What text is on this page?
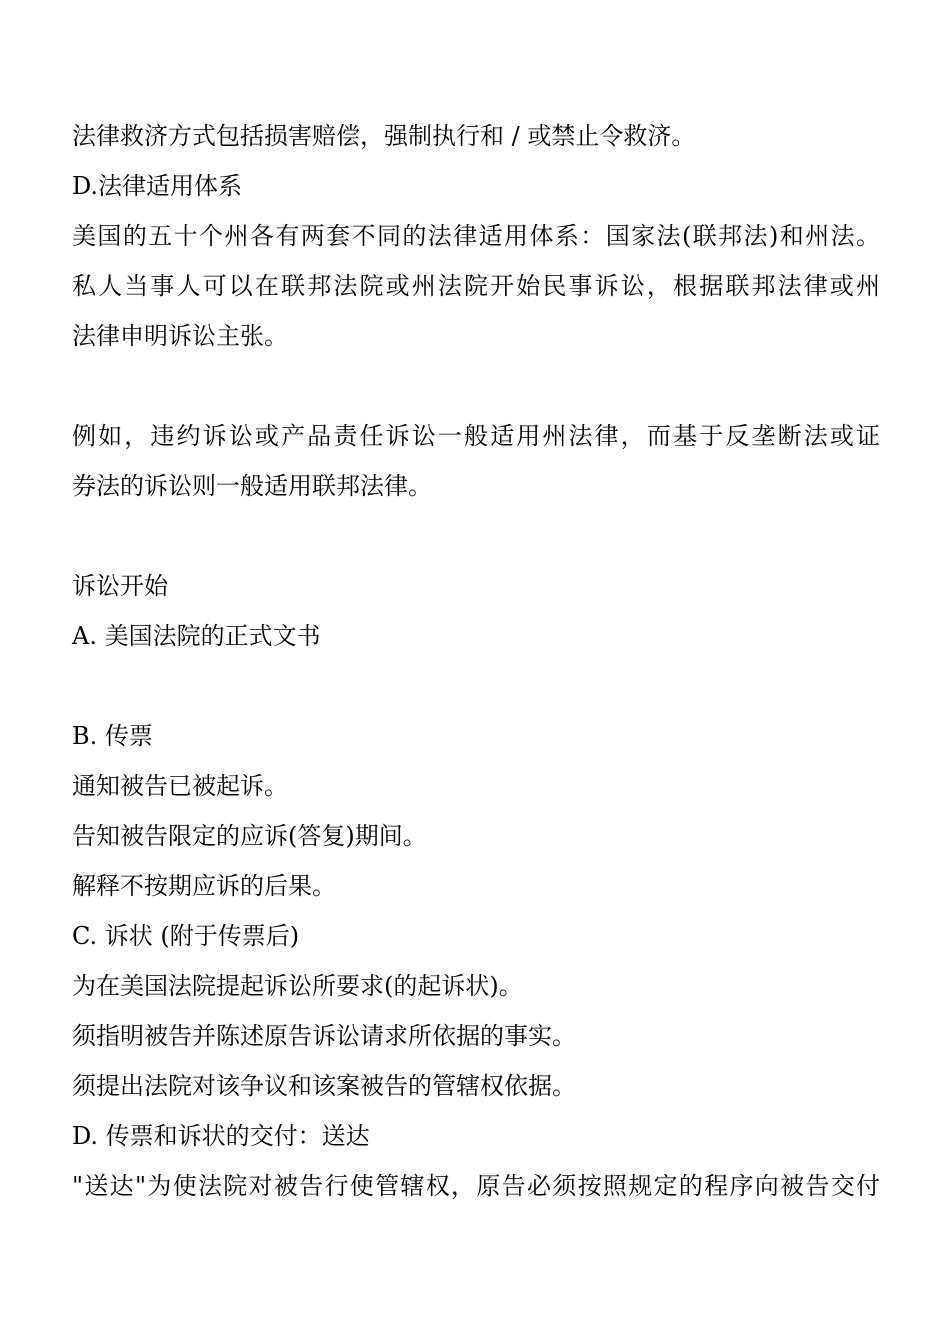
法律救济方式包括损害赔偿，强制执行和 / 或禁止令救济。
D.法律适用体系
美国的五十个州各有两套不同的法律适用体系：国家法(联邦法)和州法。
私人当事人可以在联邦法院或州法院开始民事诉讼，根据联邦法律或州
法律申明诉讼主张。
例如，违约诉讼或产品责任诉讼一般适用州法律，而基于反垄断法或证
券法的诉讼则一般适用联邦法律。
诉讼开始
A. 美国法院的正式文书
B. 传票
通知被告已被起诉。
告知被告限定的应诉(答复)期间。
解释不按期应诉的后果。
C. 诉状 (附于传票后)
为在美国法院提起诉讼所要求(的起诉状)。
须指明被告并陈述原告诉讼请求所依据的事实。
须提出法院对该争议和该案被告的管辖权依据。
D. 传票和诉状的交付：送达
"送达"为使法院对被告行使管辖权，原告必须按照规定的程序向被告交付
